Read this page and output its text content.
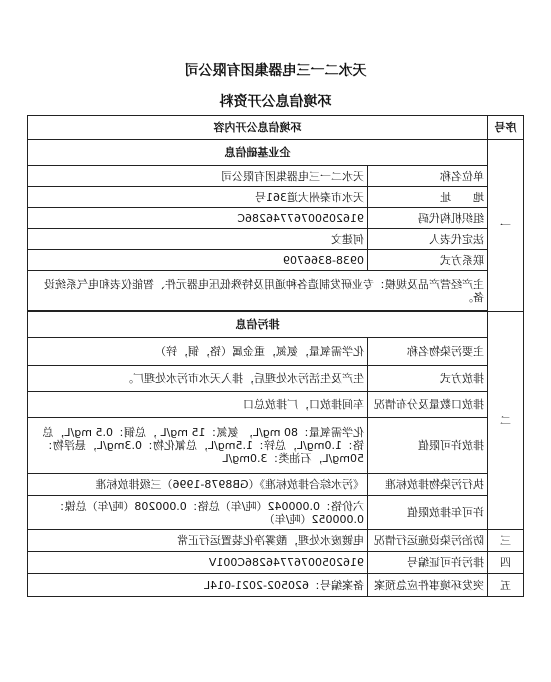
天水二一三电器集团有限公司
环境信息公开资料
序号	环境信息公开内容	
一	企业基础信息	
	单位名称	天水二一三电器集团有限公司
	地　　址	天水市秦州大道361号
	组织机构代码	91620500767746286C
	法定代表人	何建文
	联系方式	0938-8366709
	主产经营产品及规模：专业研发制造各种通用及特殊低压电器元件、智能仪表和电气系统设备。	

二	排污信息	
	主要污染物名称	化学需氧量，氨氮，重金属（铬，铜，锌）
	排放方式	生产及生活污水处理后，排入天水市污水处理厂。
	排放口数量及分布情况	车间排放口，厂排放总口
	排放许可限值	化学需氧量：80 mg/L， 氨氮：15 mg/L ，总铜：0.5 mg/L，总铬：1.0mg/L，总锌：1.5mg/L，总氰化物：0.3mg/L，悬浮物：50mg/L，石油类：3.0mg/L
	执行污染物排放标准	《污水综合排放标准》（GB8978-1996）三级排放标准
	许可年排放限值	六价铬：0.000042（吨/年）总铬：0.000208（吨/年）总镍：0.000052（吨/年）
三	防治污染设施运行情况	电镀废水处理，酸雾净化装置运行正常
四	排污许可证编号	91620500767746286C001V
五	突发环境事件应急预案	备案编号：620502-2021-014L
